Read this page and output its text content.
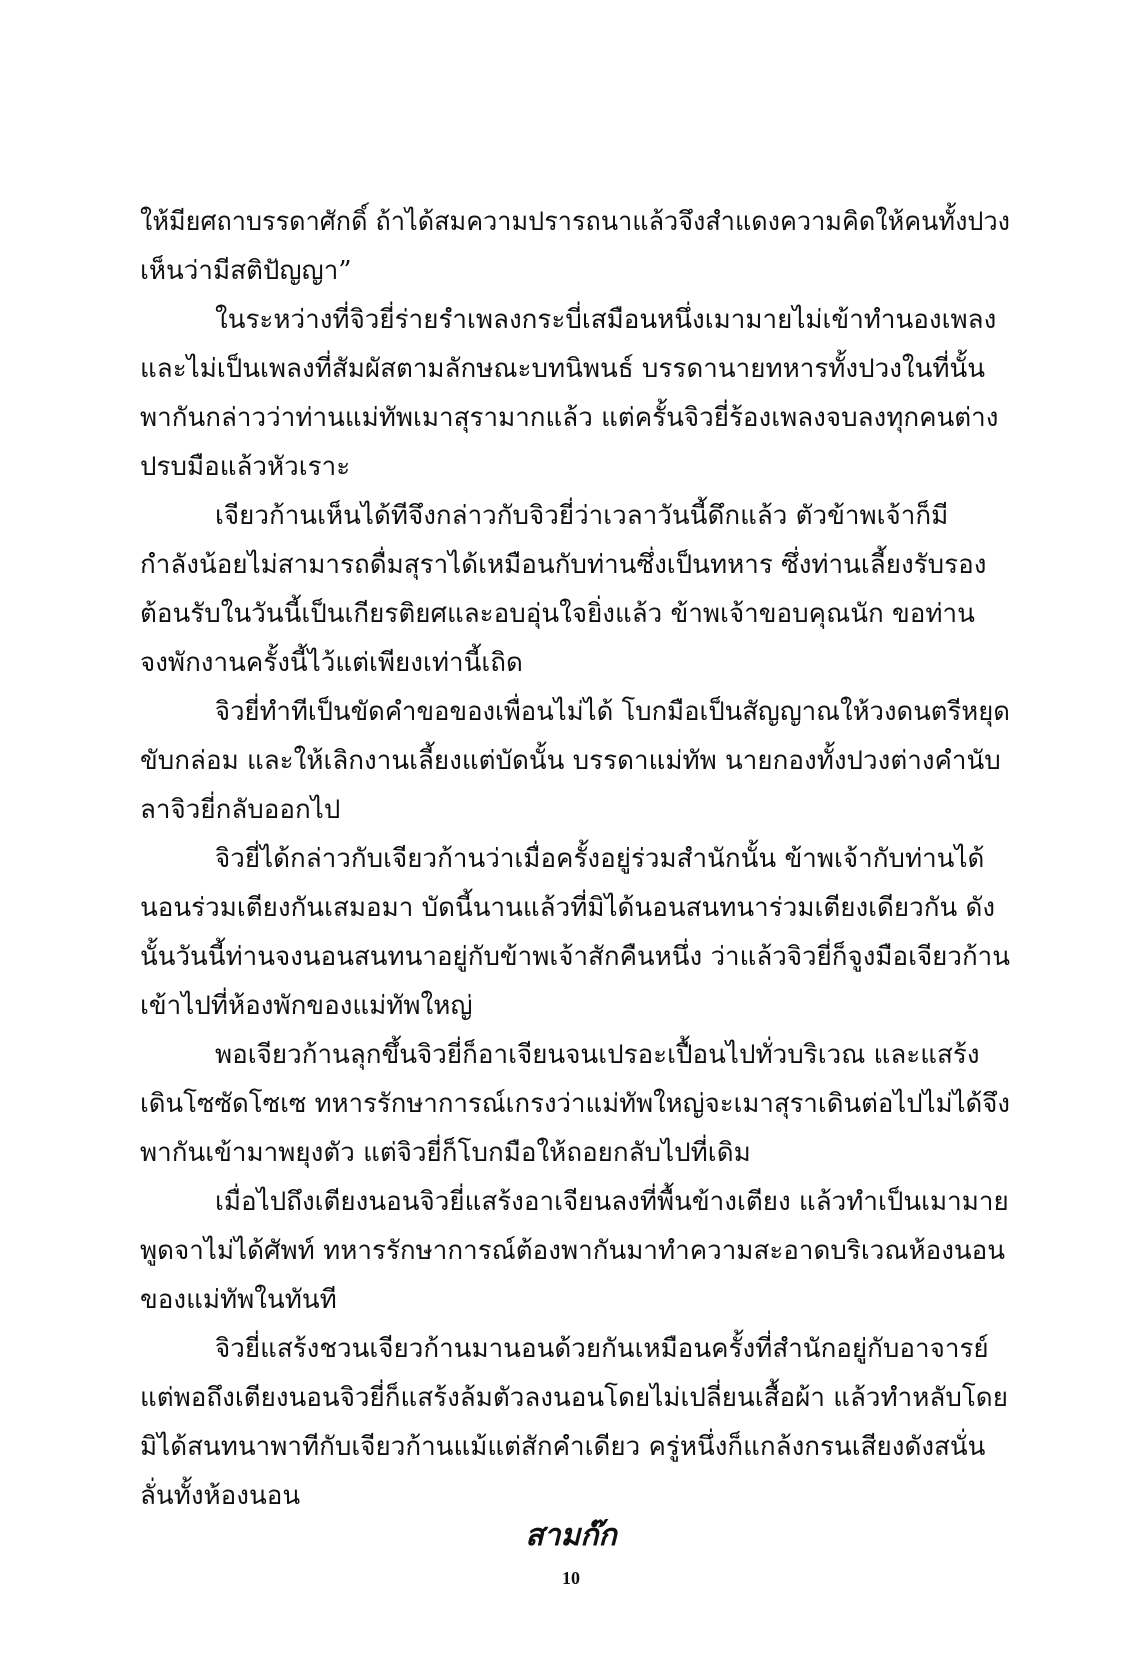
ให้มียศถาบรรดาศักดิ์ ถ้าได้สมความปรารถนาแล้วจึงสำแดงความคิดให้คนทั้งปวง
เห็นว่ามีสติปัญญา”
ในระหว่างที่จิวยี่ร่ายรำเพลงกระบี่เสมือนหนึ่งเมามายไม่เข้าทำนองเพลง
และไม่เป็นเพลงที่สัมผัสตามลักษณะบทนิพนธ์ บรรดานายทหารทั้งปวงในที่นั้น
พากันกล่าวว่าท่านแม่ทัพเมาสุรามากแล้ว แต่ครั้นจิวยี่ร้องเพลงจบลงทุกคนต่าง
ปรบมือแล้วหัวเราะ
เจียวก้านเห็นได้ทีจึงกล่าวกับจิวยี่ว่าเวลาวันนี้ดึกแล้ว ตัวข้าพเจ้าก็มี
กำลังน้อยไม่สามารถดื่มสุราได้เหมือนกับท่านซึ่งเป็นทหาร ซึ่งท่านเลี้ยงรับรอง
ต้อนรับในวันนี้เป็นเกียรติยศและอบอุ่นใจยิ่งแล้ว ข้าพเจ้าขอบคุณนัก ขอท่าน
จงพักงานครั้งนี้ไว้แต่เพียงเท่านี้เถิด
จิวยี่ทำทีเป็นขัดคำขอของเพื่อนไม่ได้ โบกมือเป็นสัญญาณให้วงดนตรีหยุด
ขับกล่อม และให้เลิกงานเลี้ยงแต่บัดนั้น บรรดาแม่ทัพ นายกองทั้งปวงต่างคำนับ
ลาจิวยี่กลับออกไป
จิวยี่ได้กล่าวกับเจียวก้านว่าเมื่อครั้งอยู่ร่วมสำนักนั้น ข้าพเจ้ากับท่านได้
นอนร่วมเตียงกันเสมอมา บัดนี้นานแล้วที่มิได้นอนสนทนาร่วมเตียงเดียวกัน ดัง
นั้นวันนี้ท่านจงนอนสนทนาอยู่กับข้าพเจ้าสักคืนหนึ่ง ว่าแล้วจิวยี่ก็จูงมือเจียวก้าน
เข้าไปที่ห้องพักของแม่ทัพใหญ่
พอเจียวก้านลุกขึ้นจิวยี่ก็อาเจียนจนเปรอะเปื้อนไปทั่วบริเวณ และแสร้ง
เดินโซซัดโซเซ ทหารรักษาการณ์เกรงว่าแม่ทัพใหญ่จะเมาสุราเดินต่อไปไม่ได้จึง
พากันเข้ามาพยุงตัว แต่จิวยี่ก็โบกมือให้ถอยกลับไปที่เดิม
เมื่อไปถึงเตียงนอนจิวยี่แสร้งอาเจียนลงที่พื้นข้างเตียง แล้วทำเป็นเมามาย
พูดจาไม่ได้ศัพท์ ทหารรักษาการณ์ต้องพากันมาทำความสะอาดบริเวณห้องนอน
ของแม่ทัพในทันที
จิวยี่แสร้งชวนเจียวก้านมานอนด้วยกันเหมือนครั้งที่สำนักอยู่กับอาจารย์
แต่พอถึงเตียงนอนจิวยี่ก็แสร้งล้มตัวลงนอนโดยไม่เปลี่ยนเสื้อผ้า แล้วทำหลับโดย
มิได้สนทนาพาทีกับเจียวก้านแม้แต่สักคำเดียว ครู่หนึ่งก็แกล้งกรนเสียงดังสนั่น
ลั่นทั้งห้องนอน
สามก๊ก
10
